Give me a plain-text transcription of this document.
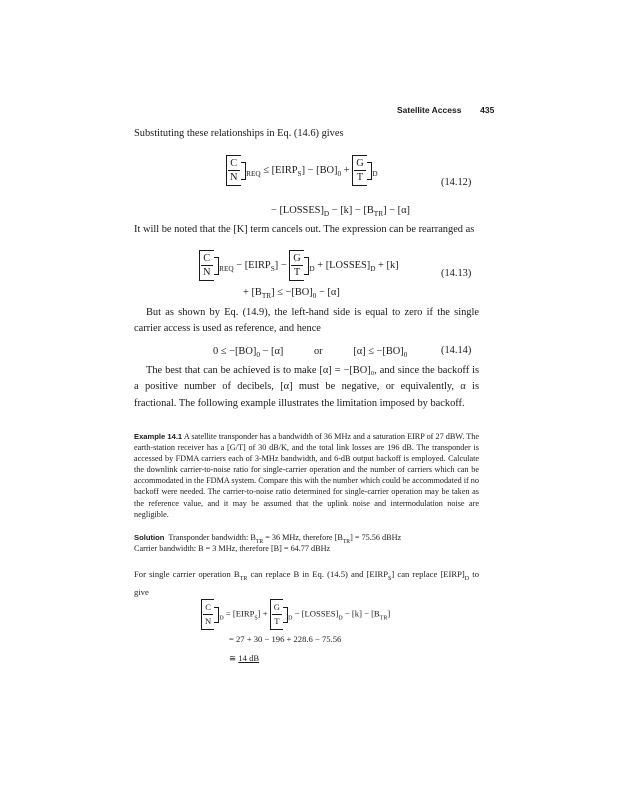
Satellite Access 435

Substituting these relationships in Eq. (14.6) gives

$\frac{C}{N} _{REQ}$ ≤ $[EIRP_S] - [BO]_0 + \frac{G}{T} _D$
− $[LOSSES]_D - [k] - [B_{TR}] - [\alpha]$
(14.12)

It will be noted that the [K] term cancels out. The expression can be rearranged as

$\frac{C}{N} _{REQ}$ − $[EIRP_S] - \frac{G}{T} _D$ + $[LOSSES]_D + [k]$
+ $[B_{TR}] \le -[BO]_0 - [\alpha]$
(14.13)

But as shown by Eq. (14.9), the left-hand side is equal to zero if the single carrier access is used as reference, and hence

$0 \le -[BO]_0 - [\alpha]$	or	$[\alpha] \le -[BO]_0$	(14.14)

The best that can be achieved is to make [α] = −[BO]₀, and since the backoff is a positive number of decibels, [α] must be negative, or equivalently, α is fractional. The following example illustrates the limitation imposed by backoff.

Example 14.1 A satellite transponder has a bandwidth of 36 MHz and a saturation EIRP of 27 dBW. The earth-station receiver has a [G/T] of 30 dB/K, and the total link losses are 196 dB. The transponder is accessed by FDMA carriers each of 3-MHz bandwidth, and 6-dB output backoff is employed. Calculate the downlink carrier-to-noise ratio for single-carrier operation and the number of carriers which can be accommodated in the FDMA system. Compare this with the number which could be accommodated if no backoff were needed. The carrier-to-noise ratio determined for single-carrier operation may be taken as the reference value, and it may be assumed that the uplink noise and intermodulation noise are negligible.

Solution Transponder bandwidth: $B_{TR} = 36$ MHz, therefore $[B_{TR}] = 75.56$ dBHz
Carrier bandwidth: B = 3 MHz, therefore [B] = 64.77 dBHz

For single carrier operation $B_{TR}$ can replace B in Eq. (14.5) and $[EIRP_S]$ can replace $[EIRP]_D$ to give

$\frac{C}{N} _D$ = $[EIRP_S] + \frac{G}{T} _D$ − $[LOSSES]_D - [k] - [B_{TR}]$
= 27 + 30 − 196 + 228.6 − 75.56
≅ 14 dB
